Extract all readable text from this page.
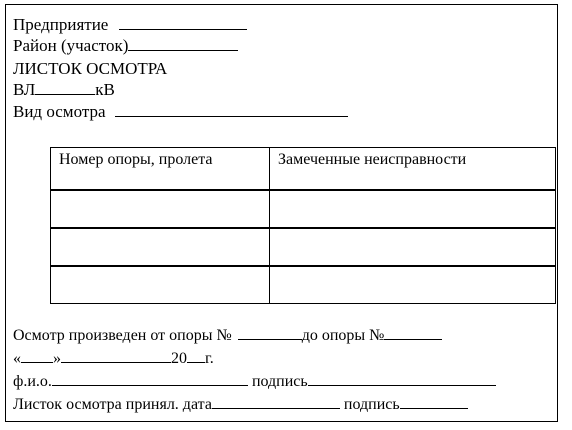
Предприятие
Район (участок)
ЛИСТОК ОСМОТРА
ВЛ	кВ
Вид осмотра
Номер опоры, пролета	Замеченные неисправности

Осмотр произведен от опоры №	до опоры №
« »	20 г.
ф.и.о.	подпись
Листок осмотра принял. дата	подпись
